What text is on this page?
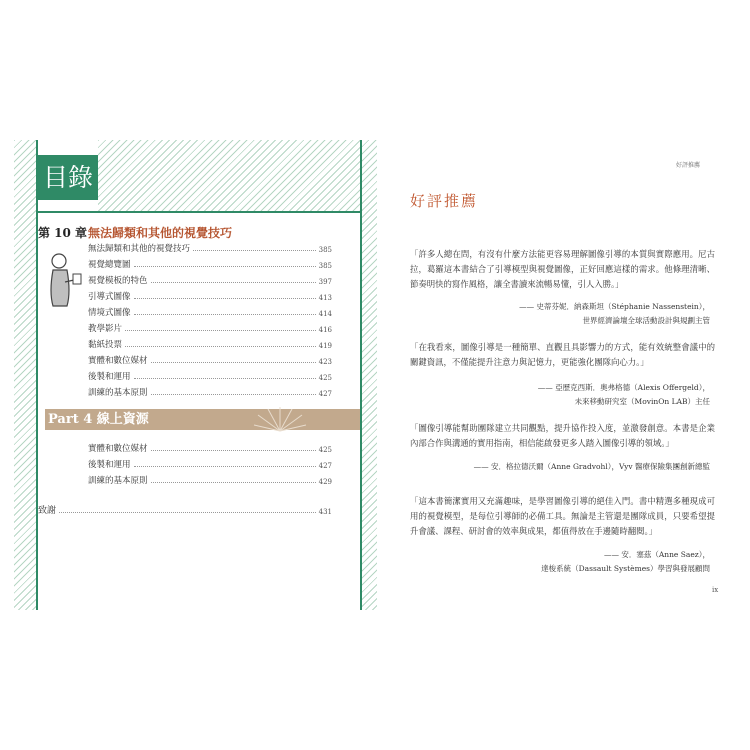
目錄
第 10 章 無法歸類和其他的視覺技巧
無法歸類和其他的視覺技巧	385
視覺總覽圖	385
視覺模板的特色	397
引導式圖像	413
情境式圖像	414
教學影片	416
黏紙投票	419
實體和數位媒材	423
後製和運用	425
訓練的基本原則	427
Part 4 線上資源
實體和數位媒材	425
後製和運用	427
訓練的基本原則	429
致謝	431
好評推薦
好評推薦
「許多人總在問，有沒有什麼方法能更容易理解圖像引導的本質與實際應用。尼古拉，葛羅這本書結合了引導模型與視覺圖像，正好回應這樣的需求。他條理清晰、節奏明快的寫作風格，讓全書讀來流暢易懂，引人入勝。」
—— 史蒂芬妮．納森斯坦（Stéphanie Nassenstein），
世界經濟論壇全球活動設計與規劃主管
「在我看來，圖像引導是一種簡單、直觀且具影響力的方式，能有效統整會議中的關鍵資訊，不僅能提升注意力與記憶力，更能強化團隊向心力。」
—— 亞歷克西斯．奧弗格德（Alexis Offergeld），
未來移動研究室（MovinOn LAB）主任
「圖像引導能幫助團隊建立共同觀點，提升協作投入度，並激發創意。本書是企業內部合作與溝通的實用指南，相信能啟發更多人踏入圖像引導的領域。」
—— 安．格拉德沃爾（Anne Gradvohl），Vyv 醫療保險集團創新總監
「這本書簡潔實用又充滿趣味，是學習圖像引導的絕佳入門。書中精選多種現成可用的視覺模型，是每位引導師的必備工具。無論是主管還是團隊成員，只要希望提升會議、課程、研討會的效率與成果，都值得放在手邊隨時翻閱。」
—— 安．塞茲（Anne Saez），
達梭系統（Dassault Systèmes）學習與發展顧問
ix
